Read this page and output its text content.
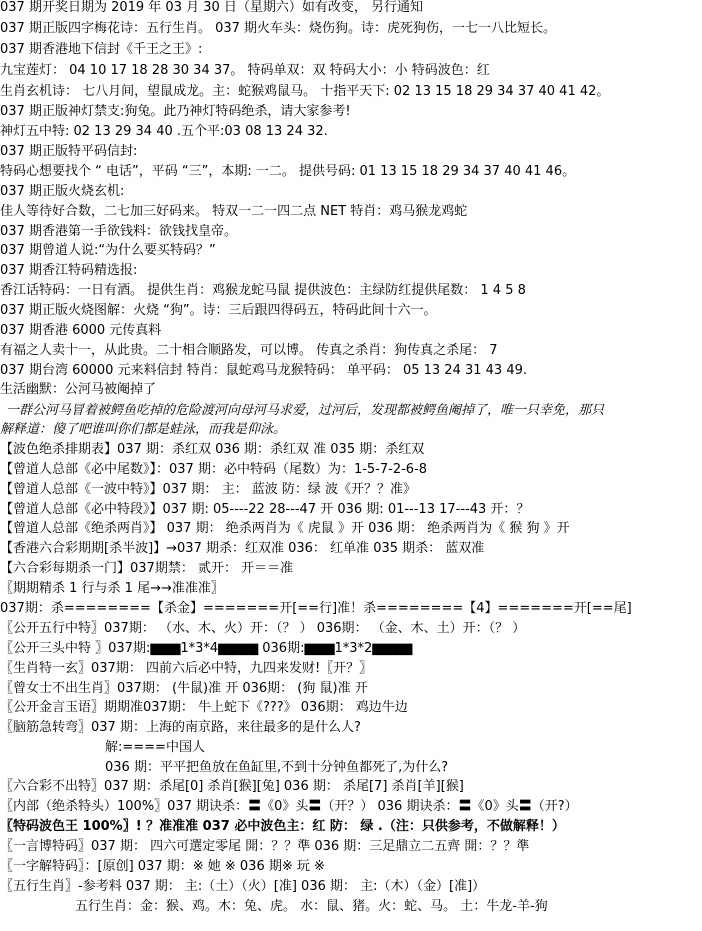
037 期开奖日期为 2019 年 03 月 30 日（星期六）如有改变， 另行通知
037 期正版四字梅花诗：五行生肖。 037 期火车头：烧伤狗。诗：虎死狗伤，一七一八比短长。
037 期香港地下信封《千王之王》:
九宝莲灯： 04 10 17 18 28 30 34 37。 特码单双：双 特码大小：小 特码波色：红
生肖玄机诗： 七八月间，望鼠成龙。主：蛇猴鸡鼠马。 十指平天下: 02 13 15 18 29 34 37 40 41 42。
037 期正版神灯禁支:狗兔。此乃神灯特码绝杀，请大家参考!
神灯五中特: 02 13 29 34 40 .五个平:03 08 13 24 32.
037 期正版特平码信封:
特码心想要找个 “ 电话”，平码 “三”，本期: 一二。 提供号码: 01 13 15 18 29 34 37 40 41 46。
037 期正版火烧玄机:
佳人等待好合数，二七加三好码来。 特双一二一四二点 NET 特肖：鸡马猴龙鸡蛇
037 期香港第一手欲钱料：欲钱找皇帝。
037 期曾道人说:“为什么要买特码？”
037 期香江特码精选报:
香江话特码：一日有酒。 提供生肖：鸡猴龙蛇马鼠 提供波色：主绿防红提供尾数： 1 4 5 8
037 期正版火烧图解：火烧 “狗”。诗：三后跟四得码五，特码此间十六一。
037 期香港 6000 元传真料
有福之人卖十一，从此贵。二十相合顺路发，可以博。 传真之杀肖：狗传真之杀尾： 7
037 期台湾 60000 元来料信封 特肖：鼠蛇鸡马龙猴特码： 单平码： 05 13 24 31 43 49.
生活幽默：公河马被阉掉了
一群公河马冒着被鳄鱼吃掉的危险渡河向母河马求爱，过河后，发现都被鳄鱼阉掉了，唯一只幸免，那只
解释道：傻了吧谁叫你们都是蛙泳，而我是仰泳。
【波色绝杀排期表】037 期：杀红双 036 期：杀红双 准 035 期：杀红双
【曾道人总部《必中尾数》】：037 期：必中特码（尾数）为：1-5-7-2-6-8
【曾道人总部《一波中特》】037 期： 主： 蓝波 防：绿 波《开？？准》
【曾道人总部《必中特段》】037 期: 05----22 28---47 开 036 期: 01---13 17---43 开：？
【曾道人总部《绝杀两肖》】 037 期： 绝杀两肖为《 虎鼠 》开 036 期： 绝杀两肖为《 猴 狗 》开
【香港六合彩期期[杀半波]】→037 期杀：红双准 036： 红单准 035 期杀： 蓝双准
【六合彩每期杀一门】037期禁： 贰开： 开＝＝准
〖期期精杀 1 行与杀 1 尾→→准准准〗
037期：杀========【杀金】=======开[==行]准！杀========【4】=======开[==尾]
〖公开五行中特〗037期： （水、木、火）开：（？ ） 036期： （金、木、土）开：（？ ）
〖公开三头中特 〗037期:▆▆▆1*3*4▆▆▆▆ 036期:▆▆▆1*3*2▆▆▆▆
〖生肖特一玄〗037期： 四前六后必中特，九四来发财!〖开？〗
〖曾女士不出生肖〗037期： (牛鼠)准 开 036期： (狗 鼠)准 开
〖公开金言玉语〗期期准037期： 牛上蛇下《???》 036期： 鸡边牛边
〖脑筋急转弯〗037 期：上海的南京路，来往最多的是什么人?
解:====中国人
036 期：平平把鱼放在鱼缸里,不到十分钟鱼都死了,为什么?
〖六合彩不出特〗037 期：杀尾[0] 杀肖[猴][兔] 036 期： 杀尾[7] 杀肖[羊][猴]
〖内部（绝杀特头）100%〗037 期诀杀：〓《0》头〓（开？） 036 期诀杀：〓《0》头〓（开?）
〖特码波色王 100%〗! ？准准准 037 必中波色主：红 防： 绿 .（注：只供参考，不做解释！）
〖一言博特码〗037 期： 四六可選定零尾 開：？？準 036 期：三足鼎立二五齊 開：？？準
〖一字解特码〗：[原创] 037 期：※ 她 ※ 036 期※ 玩 ※
〖五行生肖〗-参考料 037 期： 主:（土）（火）[准] 036 期： 主:（木）（金）[准]）
五行生肖：金：猴、鸡。木：兔、虎。 水：鼠、猪。火：蛇、马。 土：牛龙-羊-狗
